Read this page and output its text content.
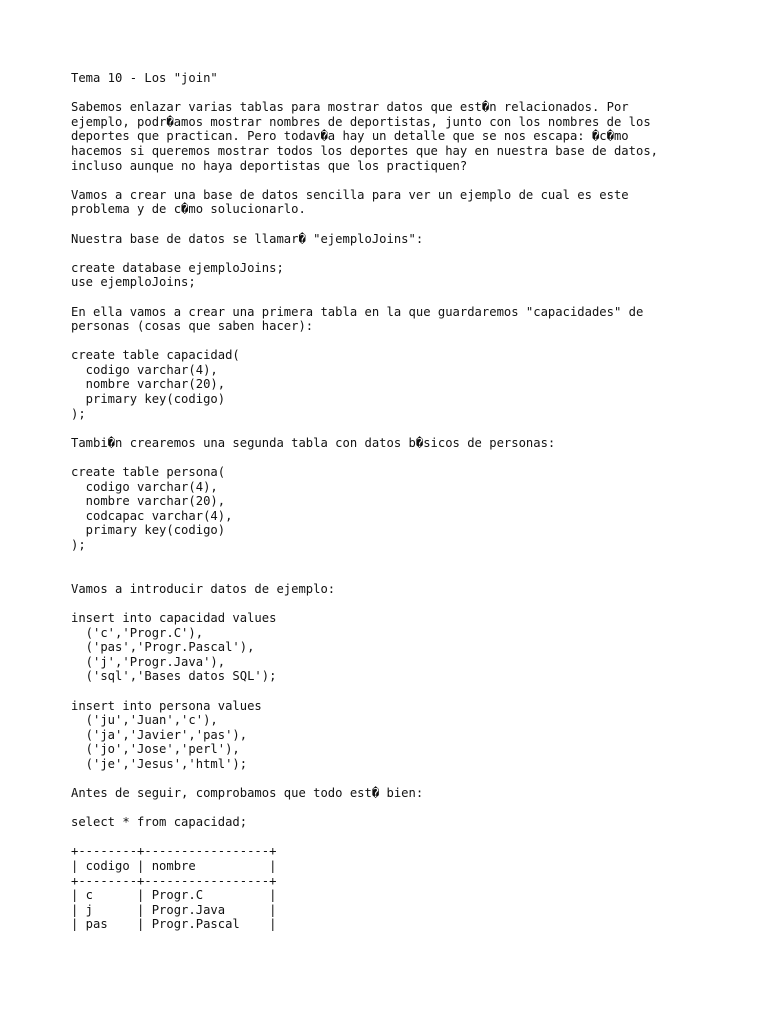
Tema 10 - Los "join"
Sabemos enlazar varias tablas para mostrar datos que est�n relacionados. Por
ejemplo, podr�amos mostrar nombres de deportistas, junto con los nombres de los
deportes que practican. Pero todav�a hay un detalle que se nos escapa: �c�mo
hacemos si queremos mostrar todos los deportes que hay en nuestra base de datos,
incluso aunque no haya deportistas que los practiquen?
Vamos a crear una base de datos sencilla para ver un ejemplo de cual es este
problema y de c�mo solucionarlo.
Nuestra base de datos se llamar� "ejemploJoins":
create database ejemploJoins;
use ejemploJoins;
En ella vamos a crear una primera tabla en la que guardaremos "capacidades" de
personas (cosas que saben hacer):
create table capacidad(
codigo varchar(4),
nombre varchar(20),
primary key(codigo)
);
Tambi�n crearemos una segunda tabla con datos b�sicos de personas:
create table persona(
codigo varchar(4),
nombre varchar(20),
codcapac varchar(4),
primary key(codigo)
);
Vamos a introducir datos de ejemplo:
insert into capacidad values
('c','Progr.C'),
('pas','Progr.Pascal'),
('j','Progr.Java'),
('sql','Bases datos SQL');
insert into persona values
('ju','Juan','c'),
('ja','Javier','pas'),
('jo','Jose','perl'),
('je','Jesus','html');
Antes de seguir, comprobamos que todo est� bien:
select * from capacidad;
+--------+-----------------+
| codigo | nombre          |
+--------+-----------------+
| c      | Progr.C         |
| j      | Progr.Java      |
| pas    | Progr.Pascal    |
